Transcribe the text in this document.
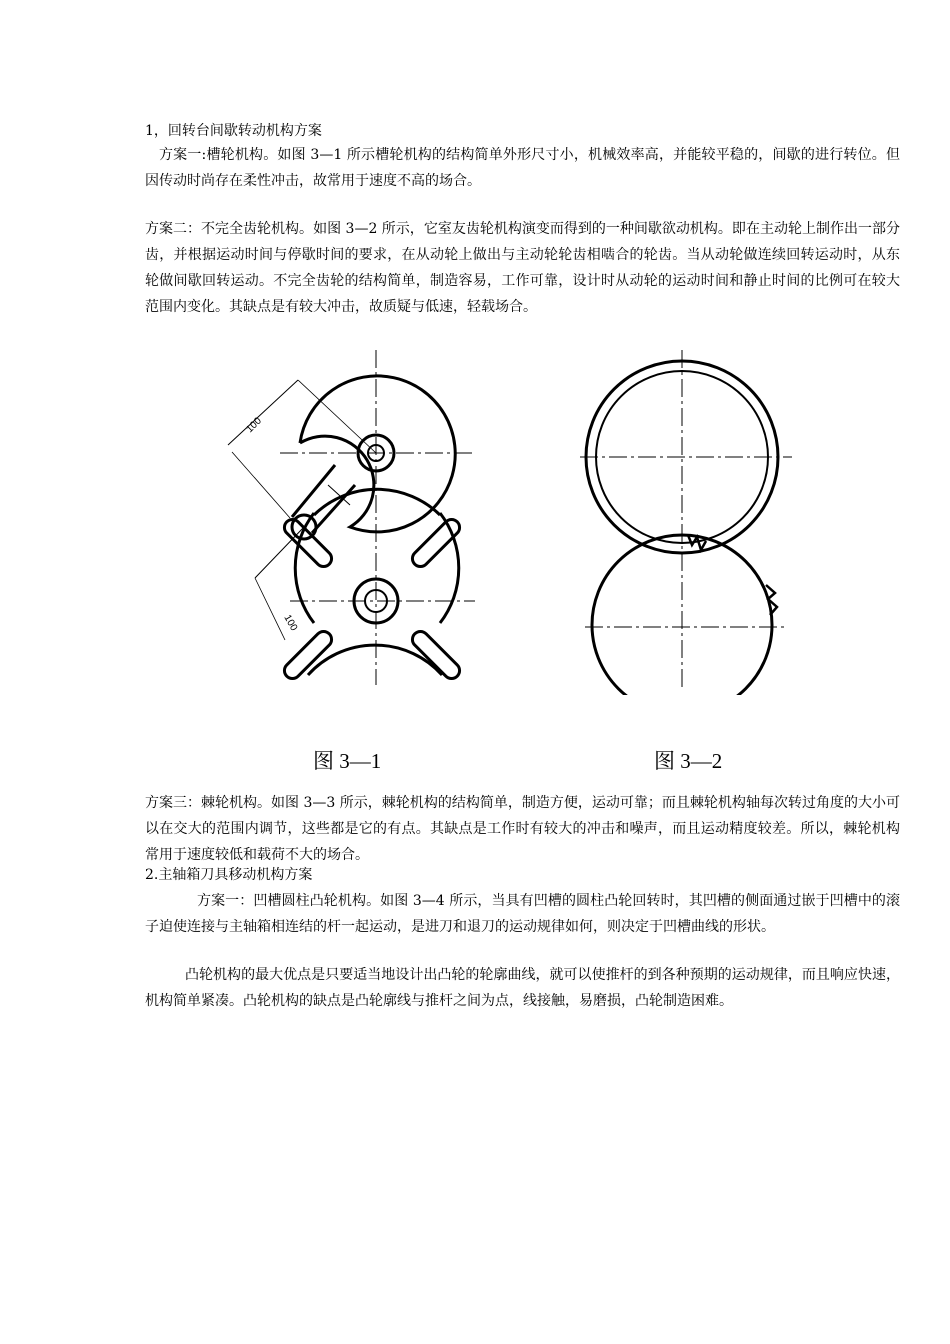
1，回转台间歇转动机构方案
方案一:槽轮机构。如图 3—1 所示槽轮机构的结构简单外形尺寸小，机械效率高，并能较平稳的，间歇的进行转位。但因传动时尚存在柔性冲击，故常用于速度不高的场合。
方案二：不完全齿轮机构。如图 3—2 所示，它室友齿轮机构演变而得到的一种间歇欲动机构。即在主动轮上制作出一部分齿，并根据运动时间与停歇时间的要求，在从动轮上做出与主动轮轮齿相啮合的轮齿。当从动轮做连续回转运动时，从东轮做间歇回转运动。不完全齿轮的结构简单，制造容易，工作可靠，设计时从动轮的运动时间和静止时间的比例可在较大范围内变化。其缺点是有较大冲击，故质疑与低速，轻载场合。
100
100
图 3—1	图 3—2
方案三：棘轮机构。如图 3—3 所示，棘轮机构的结构简单，制造方便，运动可靠；而且棘轮机构轴每次转过角度的大小可以在交大的范围内调节，这些都是它的有点。其缺点是工作时有较大的冲击和噪声，而且运动精度较差。所以，棘轮机构常用于速度较低和载荷不大的场合。
2.主轴箱刀具移动机构方案
方案一：凹槽圆柱凸轮机构。如图 3—4 所示，当具有凹槽的圆柱凸轮回转时，其凹槽的侧面通过嵌于凹槽中的滚子迫使连接与主轴箱相连结的杆一起运动，是进刀和退刀的运动规律如何，则决定于凹槽曲线的形状。
凸轮机构的最大优点是只要适当地设计出凸轮的轮廓曲线，就可以使推杆的到各种预期的运动规律，而且响应快速，机构简单紧凑。凸轮机构的缺点是凸轮廓线与推杆之间为点，线接触，易磨损，凸轮制造困难。
